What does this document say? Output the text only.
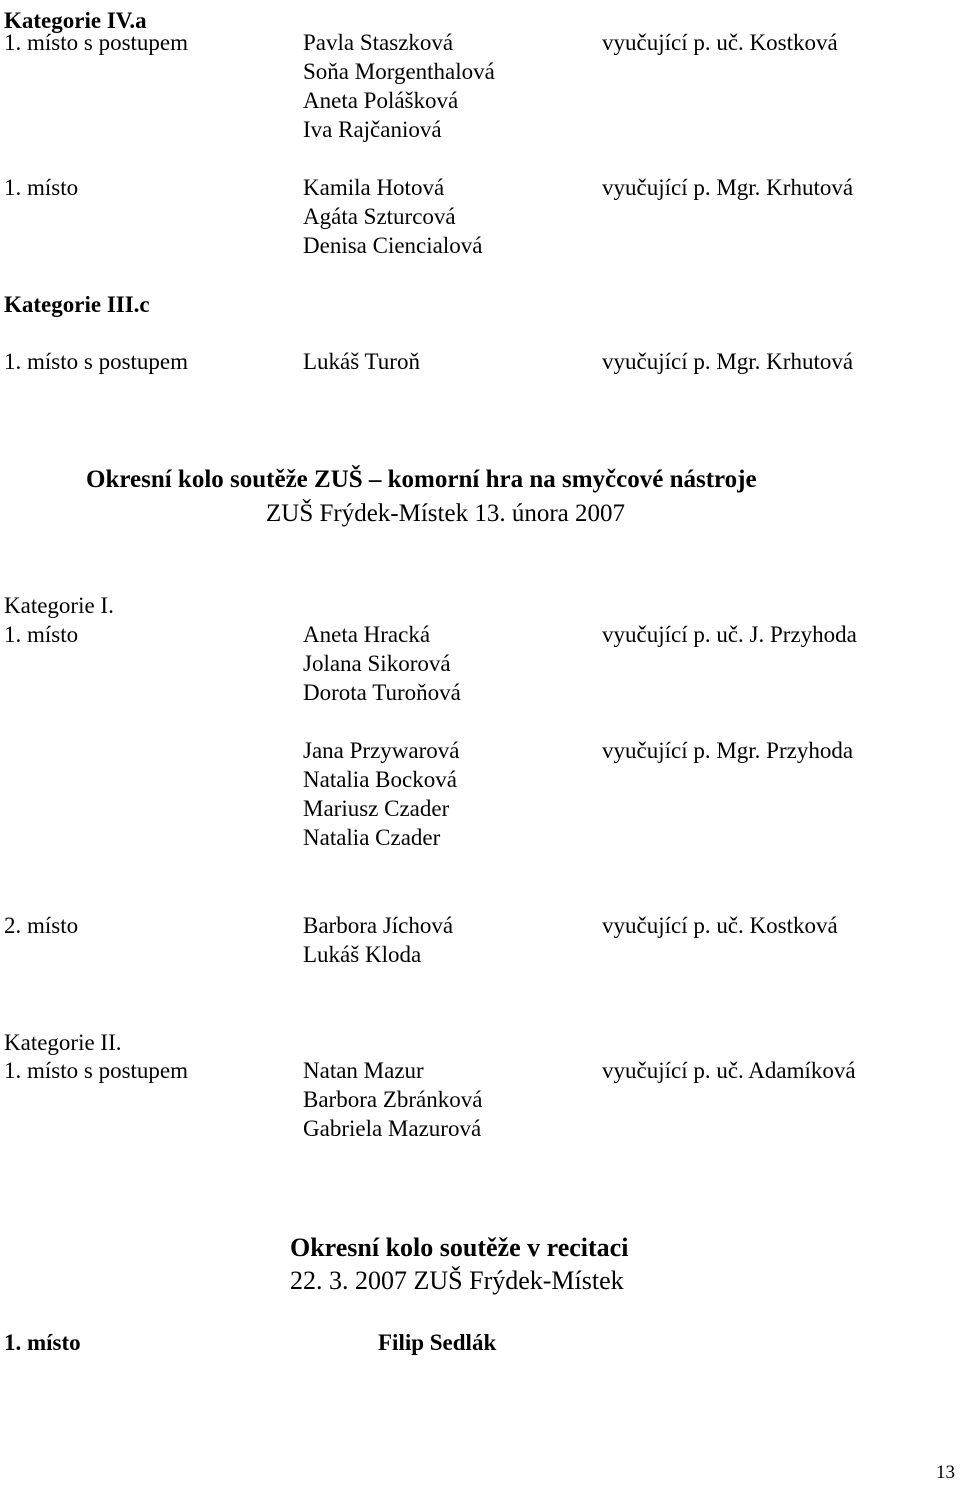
Kategorie IV.a
1. místo s postupem	Pavla Staszková	vyučující p. uč. Kostková
Soňa Morgenthalová
Aneta Polášková
Iva Rajčaniová
1. místo	Kamila Hotová	vyučující p. Mgr. Krhutová
Agáta Szturcová
Denisa Ciencialová
Kategorie III.c
1. místo s postupem	Lukáš Turoň	vyučující p. Mgr. Krhutová
Okresní kolo soutěže ZUŠ – komorní hra na smyčcové nástroje
ZUŠ Frýdek-Místek 13. února 2007
Kategorie I.
1. místo	Aneta Hracká	vyučující p. uč. J. Przyhoda
Jolana Sikorová
Dorota Turoňová
Jana Przywarová	vyučující p. Mgr. Przyhoda
Natalia Bocková
Mariusz Czader
Natalia Czader
2. místo	Barbora Jíchová	vyučující p. uč. Kostková
Lukáš Kloda
Kategorie II.
1. místo s postupem	Natan Mazur	vyučující p. uč. Adamíková
Barbora Zbránková
Gabriela Mazurová
Okresní kolo soutěže v recitaci
22. 3. 2007 ZUŠ Frýdek-Místek
1. místo	Filip Sedlák
13
